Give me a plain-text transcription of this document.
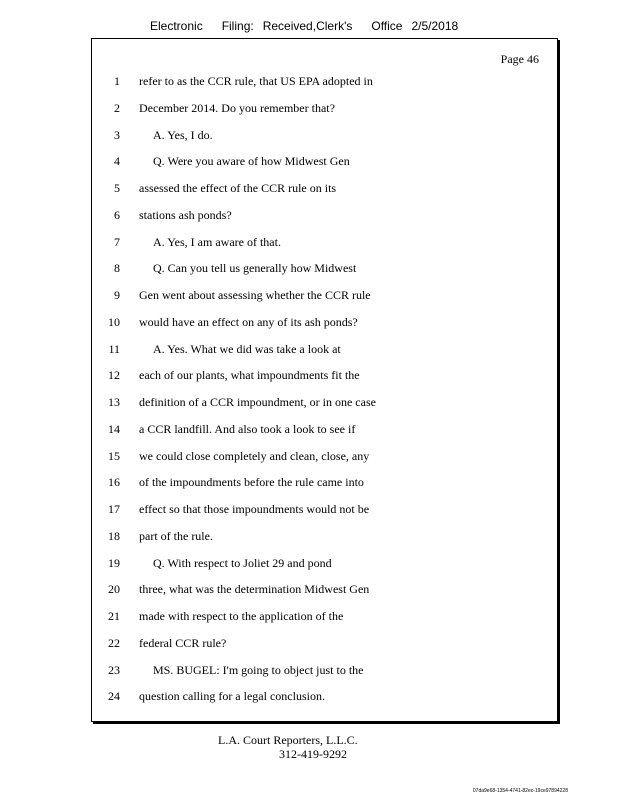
Electronic Filing: Received,Clerk's Office 2/5/2018
Page 46
1 refer to as the CCR rule, that US EPA adopted in
2 December 2014. Do you remember that?
3	A. Yes, I do.
4	Q. Were you aware of how Midwest Gen
5 assessed the effect of the CCR rule on its
6 stations ash ponds?
7	A. Yes, I am aware of that.
8	Q. Can you tell us generally how Midwest
9 Gen went about assessing whether the CCR rule
10 would have an effect on any of its ash ponds?
11	A. Yes. What we did was take a look at
12 each of our plants, what impoundments fit the
13 definition of a CCR impoundment, or in one case
14 a CCR landfill. And also took a look to see if
15 we could close completely and clean, close, any
16 of the impoundments before the rule came into
17 effect so that those impoundments would not be
18 part of the rule.
19	Q. With respect to Joliet 29 and pond
20 three, what was the determination Midwest Gen
21 made with respect to the application of the
22 federal CCR rule?
23	MS. BUGEL: I'm going to object just to the
24 question calling for a legal conclusion.
L.A. Court Reporters, L.L.C.
312-419-9292
07da9e68-1354-4741-82ec-19ce97894228
